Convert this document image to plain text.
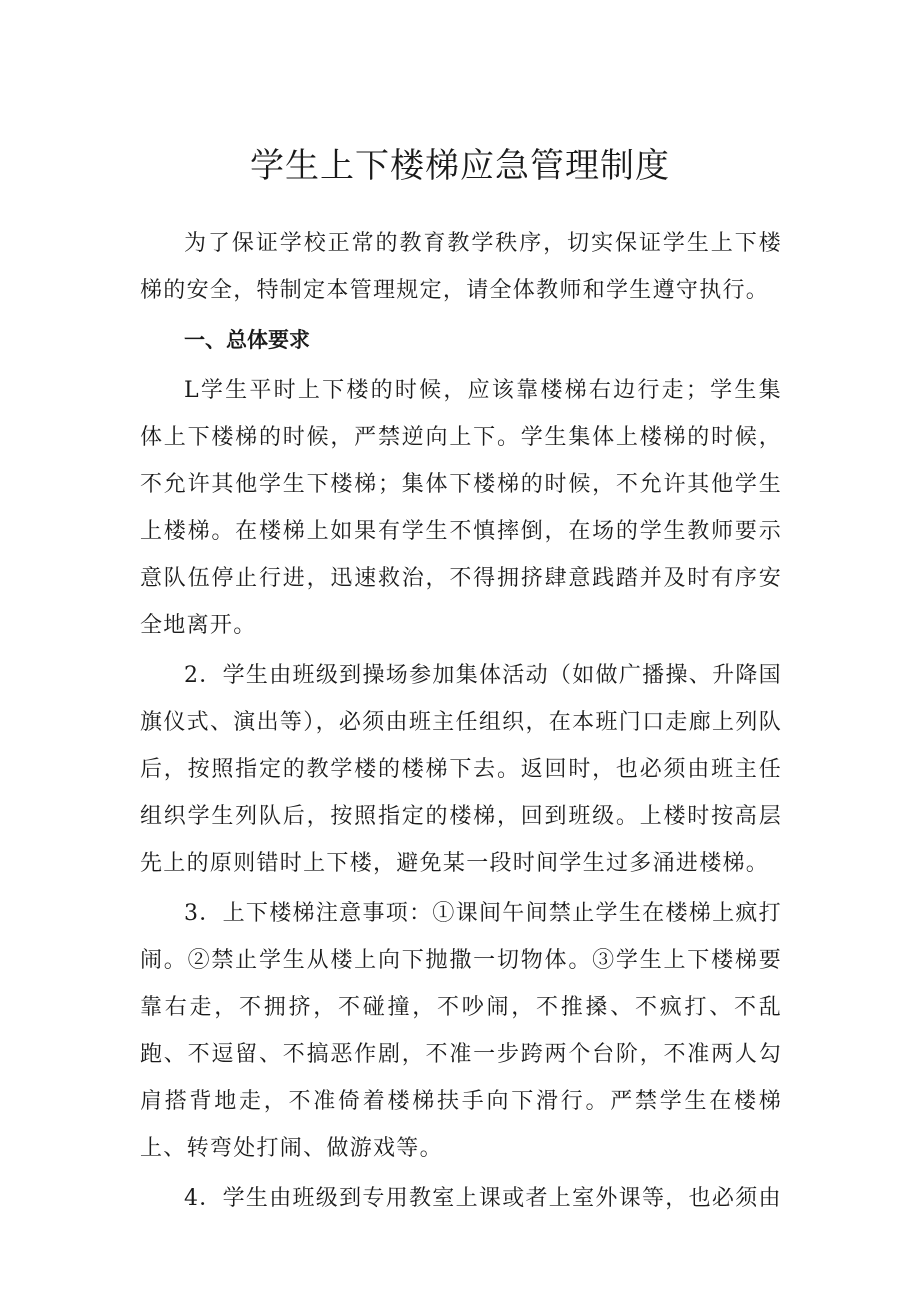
学生上下楼梯应急管理制度

为了保证学校正常的教育教学秩序，切实保证学生上下楼梯的安全，特制定本管理规定，请全体教师和学生遵守执行。

一、总体要求

L学生平时上下楼的时候，应该靠楼梯右边行走；学生集体上下楼梯的时候，严禁逆向上下。学生集体上楼梯的时候，不允许其他学生下楼梯；集体下楼梯的时候，不允许其他学生上楼梯。在楼梯上如果有学生不慎摔倒，在场的学生教师要示意队伍停止行进，迅速救治，不得拥挤肆意践踏并及时有序安全地离开。

2．学生由班级到操场参加集体活动（如做广播操、升降国旗仪式、演出等），必须由班主任组织，在本班门口走廊上列队后，按照指定的教学楼的楼梯下去。返回时，也必须由班主任组织学生列队后，按照指定的楼梯，回到班级。上楼时按高层先上的原则错时上下楼，避免某一段时间学生过多涌进楼梯。

3．上下楼梯注意事项：①课间午间禁止学生在楼梯上疯打闹。②禁止学生从楼上向下抛撒一切物体。③学生上下楼梯要靠右走，不拥挤，不碰撞，不吵闹，不推搡、不疯打、不乱跑、不逗留、不搞恶作剧，不准一步跨两个台阶，不准两人勾肩搭背地走，不准倚着楼梯扶手向下滑行。严禁学生在楼梯上、转弯处打闹、做游戏等。

4．学生由班级到专用教室上课或者上室外课等，也必须由
